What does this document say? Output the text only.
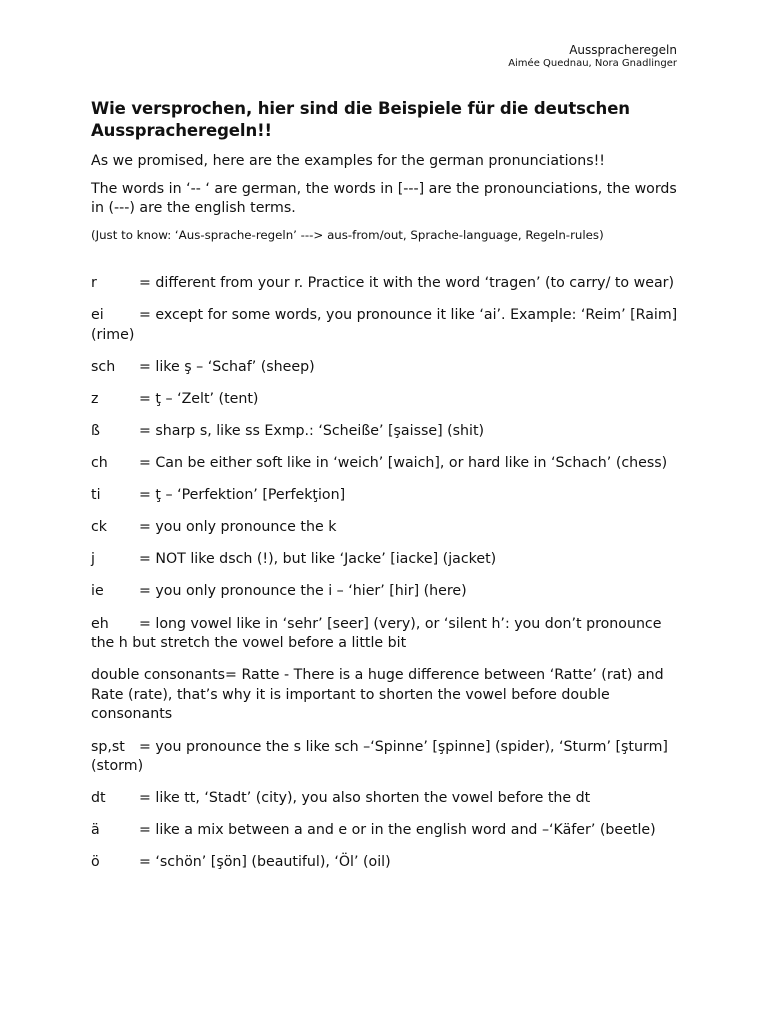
Ausspracheregeln
Aimée Quednau, Nora Gnadlinger
Wie versprochen, hier sind die Beispiele für die deutschen Ausspracheregeln!!

As we promised, here are the examples for the german pronunciations!!

The words in ‘-- ‘ are german, the words in [---] are the pronounciations, the words in (---) are the english terms.

(Just to know: ‘Aus-sprache-regeln’ ---> aus-from/out, Sprache-language, Regeln-rules)

r	= different from your r. Practice it with the word ‘tragen’ (to carry/ to wear)

ei = except for some words, you pronounce it like ‘ai’. Example: ‘Reim’ [Raim] (rime)

sch = like ş – ‘Schaf’ (sheep)

z	= ţ – ‘Zelt’ (tent)

ß	= sharp s, like ss Exmp.: ‘Scheiße’ [şaisse] (shit)

ch = Can be either soft like in ‘weich’ [waich], or hard like in ‘Schach’ (chess)

ti	= ţ – ‘Perfektion’ [Perfekţion]

ck = you only pronounce the k

j	= NOT like dsch (!), but like ‘Jacke’ [iacke] (jacket)

ie = you only pronounce the i – ‘hier’ [hir] (here)

eh = long vowel like in ‘sehr’ [seer] (very), or ‘silent h’: you don’t pronounce the h but stretch the vowel before a little bit

double consonants= Ratte - There is a huge difference between ‘Ratte’ (rat) and Rate (rate), that’s why it is important to shorten the vowel before double consonants

sp,st = you pronounce the s like sch –‘Spinne’ [şpinne] (spider), ‘Sturm’ [şturm] (storm)

dt = like tt, ‘Stadt’ (city), you also shorten the vowel before the dt

ä	= like a mix between a and e or in the english word and –‘Käfer’ (beetle)

ö	= ‘schön’ [şön] (beautiful), ‘Öl’ (oil)
